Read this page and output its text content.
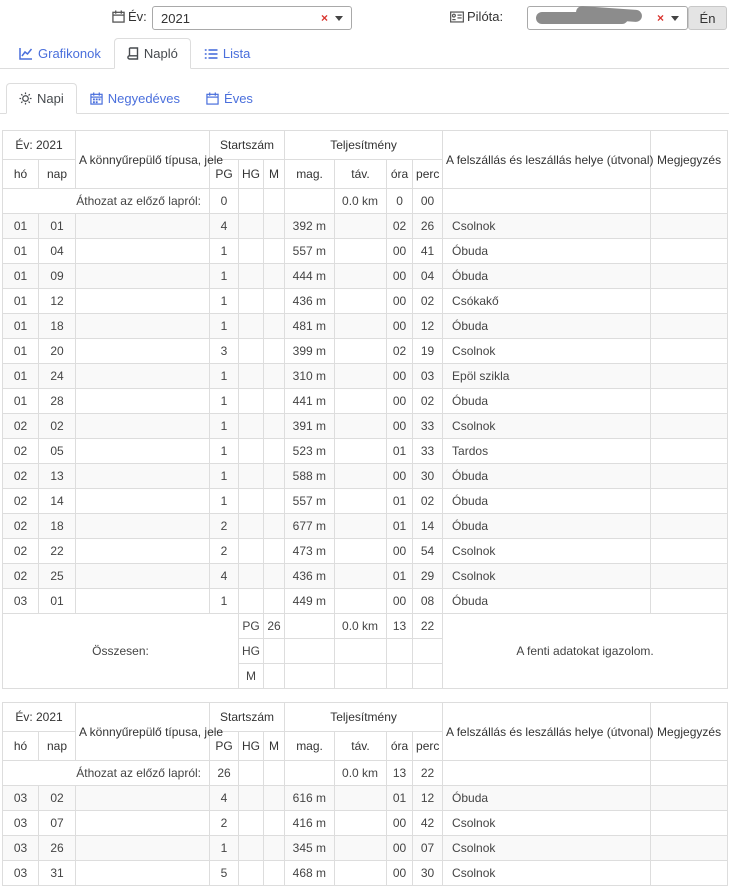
Év: 2021	×	Pilóta:	×	Én
Grafikonok	Napló	Lista
Napi	Negyedéves	Éves
Év: 2021		A könnyűrepülő típusa, jele	Startszám			Teljesítmény				A felszállás és leszállás helye (útvonal)	Megjegyzés
hó	nap		PG	HG	M	mag.	táv.	óra	perc		
Áthozat az előző lapról:			0				0.0 km	0	00		
01	01		4			392 m		02	26	Csolnok	
01	04		1			557 m		00	41	Óbuda	
01	09		1			444 m		00	04	Óbuda	
01	12		1			436 m		00	02	Csókakő	
01	18		1			481 m		00	12	Óbuda	
01	20		3			399 m		02	19	Csolnok	
01	24		1			310 m		00	03	Epöl szikla	
01	28		1			441 m		00	02	Óbuda	
02	02		1			391 m		00	33	Csolnok	
02	05		1			523 m		01	33	Tardos	
02	13		1			588 m		00	30	Óbuda	
02	14		1			557 m		01	02	Óbuda	
02	18		2			677 m		01	14	Óbuda	
02	22		2			473 m		00	54	Csolnok	
02	25		4			436 m		01	29	Csolnok	
03	01		1			449 m		00	08	Óbuda	
Összesen:				PG	26		0.0 km	13	22	A fenti adatokat igazolom.	
				HG							
				M							
Év: 2021		A könnyűrepülő típusa, jele	Startszám			Teljesítmény				A felszállás és leszállás helye (útvonal)	Megjegyzés
hó	nap		PG	HG	M	mag.	táv.	óra	perc		
Áthozat az előző lapról:			26				0.0 km	13	22		
03	02		4			616 m		01	12	Óbuda	
03	07		2			416 m		00	42	Csolnok	
03	26		1			345 m		00	07	Csolnok	
03	31		5			468 m		00	30	Csolnok	
